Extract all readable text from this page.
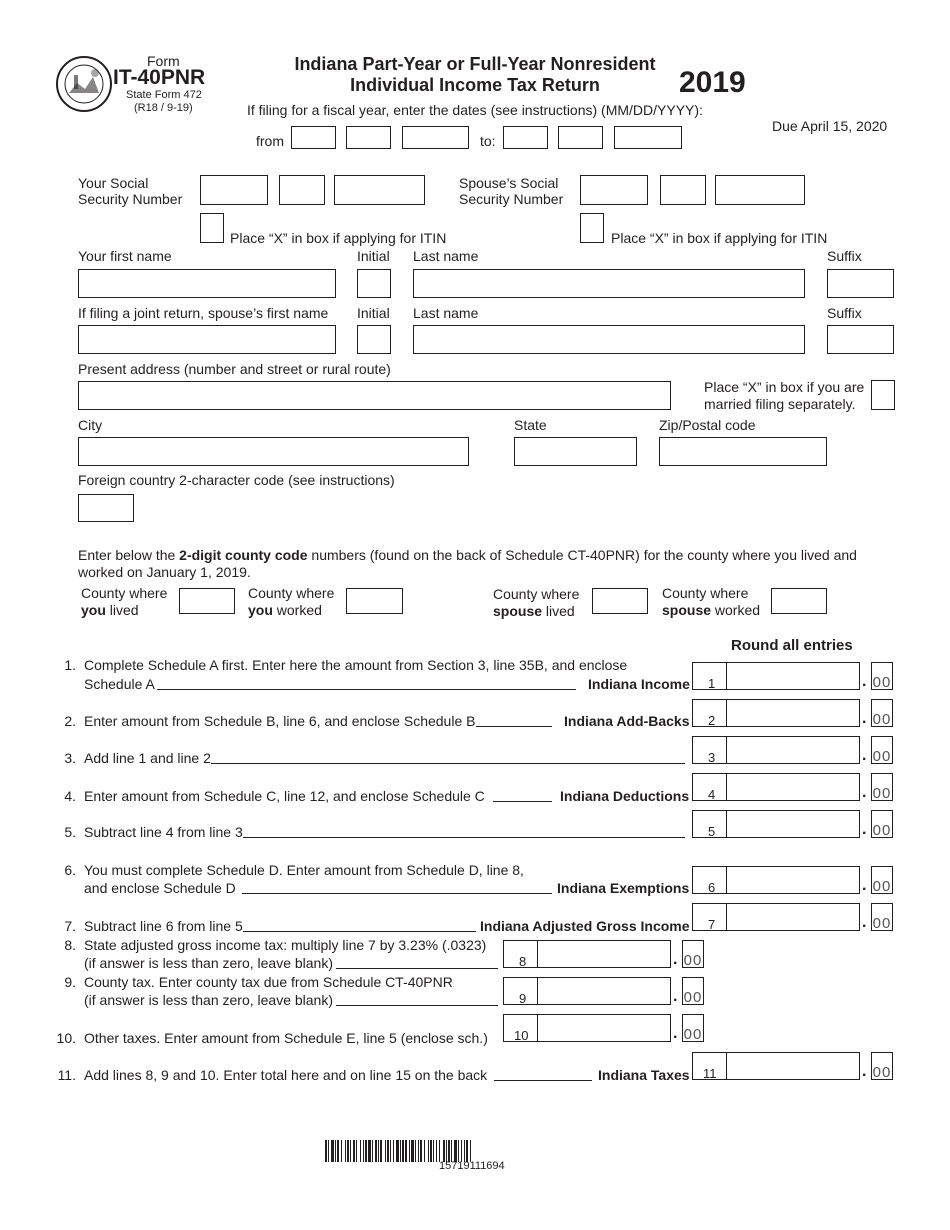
Form
IT-40PNR
State Form 472
(R18 / 9-19)
Indiana Part-Year or Full-Year Nonresident
Individual Income Tax Return	2019
If filing for a fiscal year, enter the dates (see instructions) (MM/DD/YYYY):
Due April 15, 2020
from	to:
Your Social
Security Number
Spouse’s Social
Security Number
Place “X” in box if applying for ITIN	Place “X” in box if applying for ITIN
Your first name	Initial Last name	Suffix
If filing a joint return, spouse’s first name Initial Last name	Suffix
Present address (number and street or rural route)
Place “X” in box if you are
married filing separately.
City	State	Zip/Postal code
Foreign country 2-character code (see instructions)
Enter below the 2-digit county code numbers (found on the back of Schedule CT-40PNR) for the county where you lived and
worked on January 1, 2019.
County where
you lived
County where
you worked
County where
spouse lived
County where
spouse worked
Round all entries
1. Complete Schedule A first. Enter here the amount from Section 3, line 35B, and enclose
Schedule A	Indiana Income 1	. 00
2. Enter amount from Schedule B, line 6, and enclose Schedule B	Indiana Add-Backs 2	. 00
3. Add line 1 and line 2	3	. 00
4. Enter amount from Schedule C, line 12, and enclose Schedule C	Indiana Deductions 4	. 00
5. Subtract line 4 from line 3	5	. 00
6. You must complete Schedule D. Enter amount from Schedule D, line 8,
and enclose Schedule D	Indiana Exemptions 6	. 00
7. Subtract line 6 from line 5	Indiana Adjusted Gross Income 7	. 00
8. State adjusted gross income tax: multiply line 7 by 3.23% (.0323)
(if answer is less than zero, leave blank)	8	. 00
9. County tax. Enter county tax due from Schedule CT-40PNR
(if answer is less than zero, leave blank)	9	. 00
10. Other taxes. Enter amount from Schedule E, line 5 (enclose sch.) 10	. 00
11. Add lines 8, 9 and 10. Enter total here and on line 15 on the back	Indiana Taxes 11	. 00
15719111694
